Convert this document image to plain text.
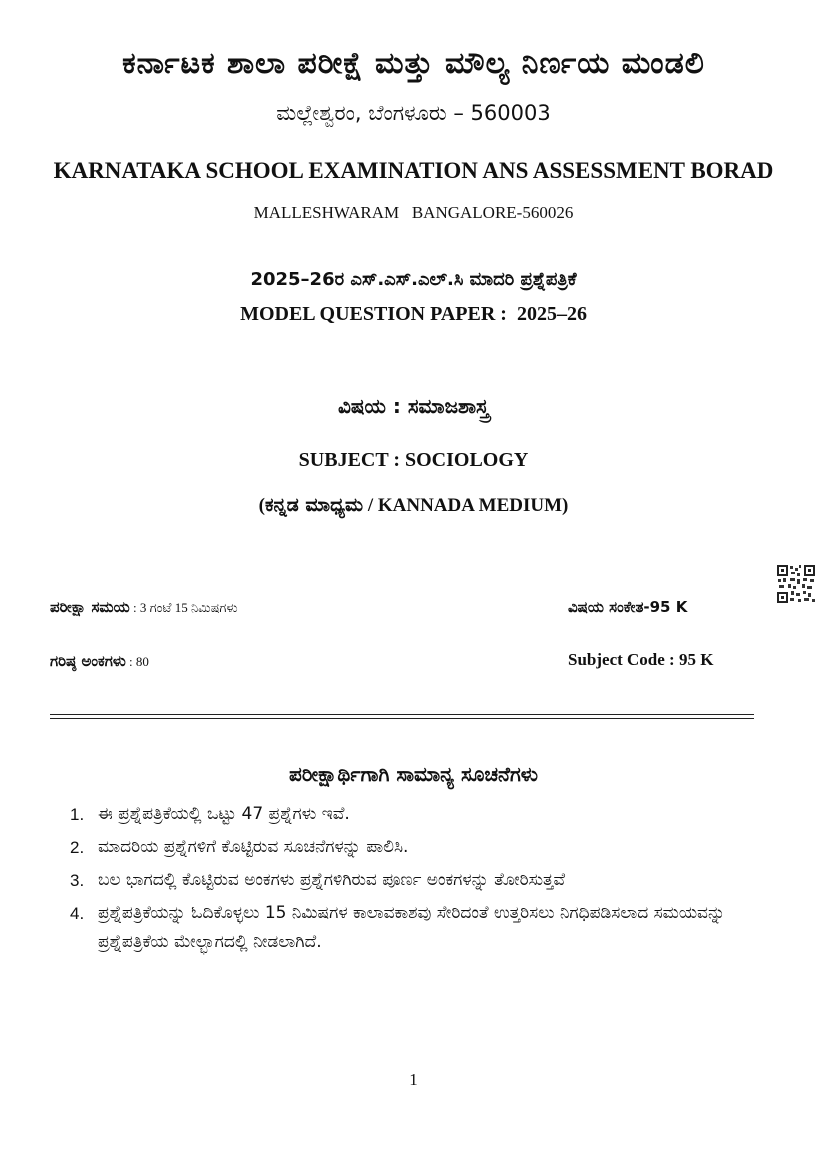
ಕರ್ನಾಟಕ ಶಾಲಾ ಪರೀಕ್ಷೆ ಮತ್ತು ಮೌಲ್ಯ ನಿರ್ಣಯ ಮಂಡಲಿ
ಮಲ್ಲೇಶ್ವರಂ, ಬೆಂಗಳೂರು – 560003
KARNATAKA SCHOOL EXAMINATION ANS ASSESSMENT BORAD
MALLESHWARAM   BANGALORE-560026
2025–26ರ ಎಸ್.ಎಸ್.ಎಲ್.ಸಿ ಮಾದರಿ ಪ್ರಶ್ನೆಪತ್ರಿಕೆ
MODEL QUESTION PAPER :  2025–26
ವಿಷಯ : ಸಮಾಜಶಾಸ್ತ್ರ
SUBJECT : SOCIOLOGY
(ಕನ್ನಡ ಮಾಧ್ಯಮ / KANNADA MEDIUM)
ಪರೀಕ್ಷಾ ಸಮಯ : 3 ಗಂಟೆ 15 ನಿಮಿಷಗಳು	ವಿಷಯ ಸಂಕೇತ-95 K
ಗರಿಷ್ಠ ಅಂಕಗಳು : 80	Subject Code : 95 K
ಪರೀಕ್ಷಾರ್ಥಿಗಾಗಿ ಸಾಮಾನ್ಯ ಸೂಚನೆಗಳು
1. ಈ ಪ್ರಶ್ನೆಪತ್ರಿಕೆಯಲ್ಲಿ ಒಟ್ಟು 47 ಪ್ರಶ್ನೆಗಳು ಇವೆ.
2. ಮಾದರಿಯ ಪ್ರಶ್ನೆಗಳಿಗೆ ಕೊಟ್ಟಿರುವ ಸೂಚನೆಗಳನ್ನು ಪಾಲಿಸಿ.
3. ಬಲ ಭಾಗದಲ್ಲಿ ಕೊಟ್ಟಿರುವ ಅಂಕಗಳು ಪ್ರಶ್ನೆಗಳಿಗಿರುವ ಪೂರ್ಣ ಅಂಕಗಳನ್ನು ತೋರಿಸುತ್ತವೆ
4. ಪ್ರಶ್ನೆಪತ್ರಿಕೆಯನ್ನು ಓದಿಕೊಳ್ಳಲು 15 ನಿಮಿಷಗಳ ಕಾಲಾವಕಾಶವು ಸೇರಿದಂತೆ ಉತ್ತರಿಸಲು ನಿಗಧಿಪಡಿಸಲಾದ ಸಮಯವನ್ನು ಪ್ರಶ್ನೆಪತ್ರಿಕೆಯ ಮೇಲ್ಭಾಗದಲ್ಲಿ ನೀಡಲಾಗಿದೆ.
1
